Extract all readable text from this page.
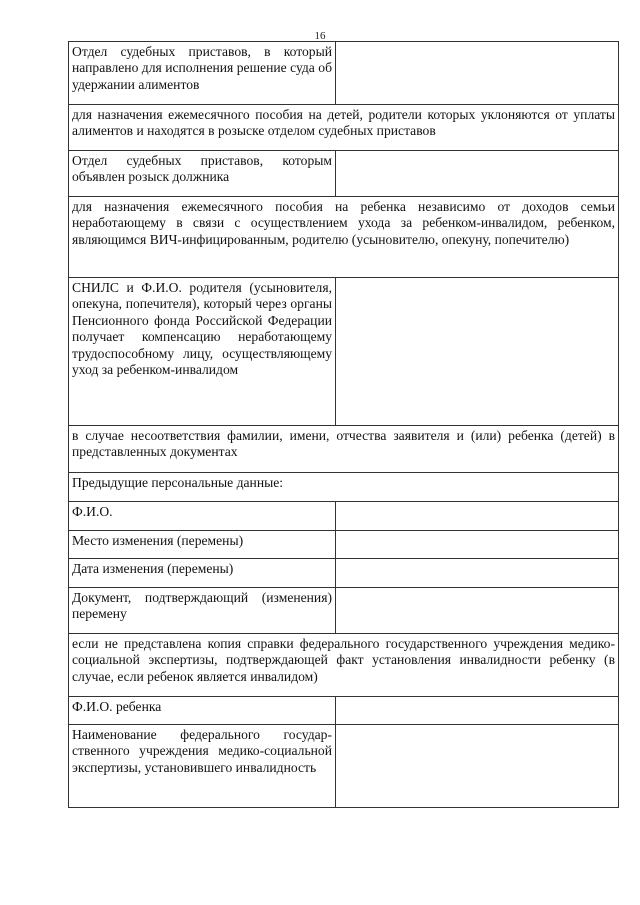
16
Отдел судебных приставов, в который направлено для исполнения решение суда об удержании алиментов	
для назначения ежемесячного пособия на детей, родители которых уклоняются от уплаты алиментов и находятся в розыске отделом судебных приставов	
Отдел судебных приставов, которым объявлен розыск должника	
для назначения ежемесячного пособия на ребенка независимо от доходов семьи неработающему в связи с осуществлением ухода за ребенком-инвалидом, ребенком, являющимся ВИЧ-инфицированным, родителю (усыновителю, опекуну, попечителю)	
СНИЛС и Ф.И.О. родителя (усыновителя, опекуна, попечителя), который через органы Пенсионного фонда Российской Федерации получает компенсацию неработающему трудоспособному лицу, осуществляющему уход за ребенком-инвалидом	
в случае несоответствия фамилии, имени, отчества заявителя и (или) ребенка (детей) в представленных документах	
Предыдущие персональные данные:	
Ф.И.О.	
Место изменения (перемены)	
Дата изменения (перемены)	
Документ, подтверждающий (изменения) перемену	
если не представлена копия справки федерального государственного учреждения медико-социальной экспертизы, подтверждающей факт установления инвалидности ребенку (в случае, если ребенок является инвалидом)	
Ф.И.О. ребенка	
Наименование федерального государ-ственного учреждения медико-социальной экспертизы, установившего инвалидность	
